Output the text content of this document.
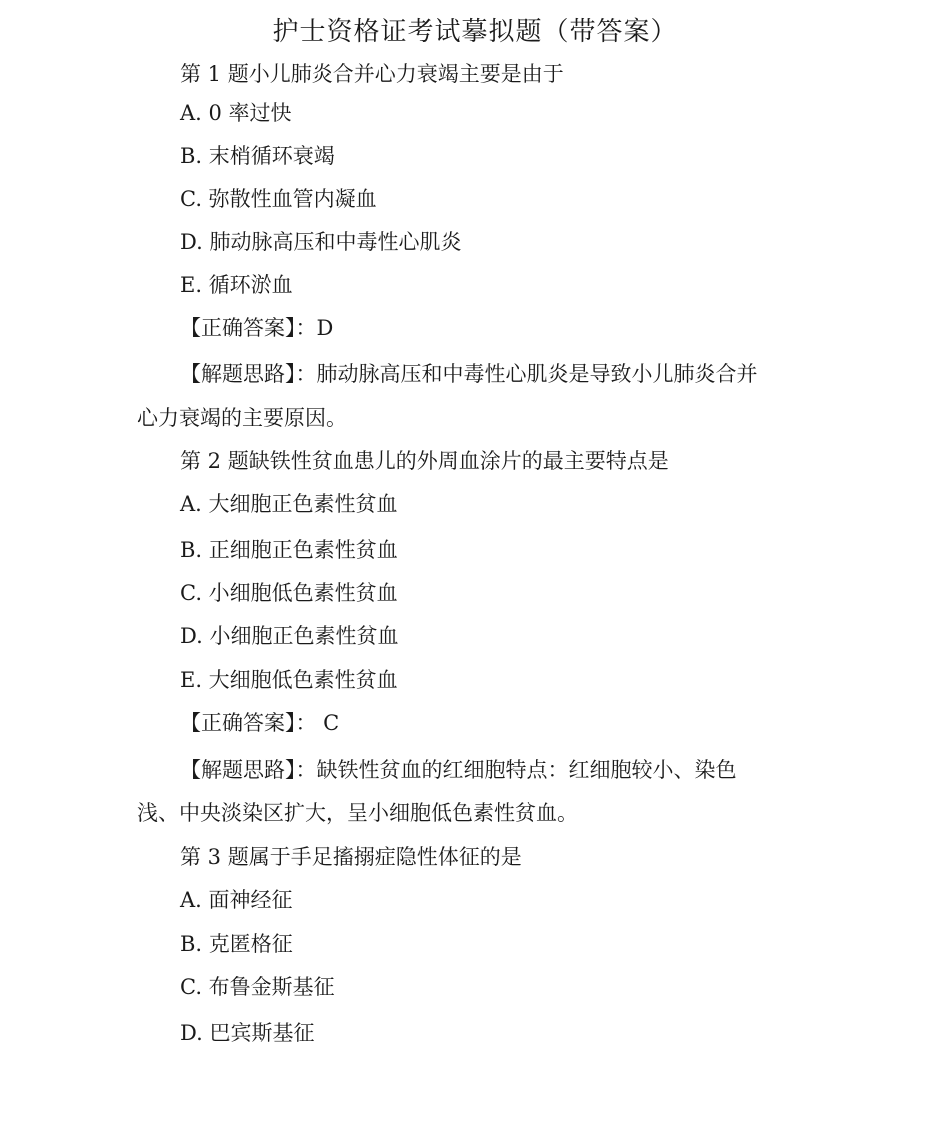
护士资格证考试摹拟题（带答案）
第 1 题小儿肺炎合并心力衰竭主要是由于
A. 0 率过快
B. 末梢循环衰竭
C. 弥散性血管内凝血
D. 肺动脉高压和中毒性心肌炎
E. 循环淤血
【正确答案】：D
【解题思路】：肺动脉高压和中毒性心肌炎是导致小儿肺炎合并
心力衰竭的主要原因。
第 2 题缺铁性贫血患儿的外周血涂片的最主要特点是
A. 大细胞正色素性贫血
B. 正细胞正色素性贫血
C. 小细胞低色素性贫血
D. 小细胞正色素性贫血
E. 大细胞低色素性贫血
【正确答案】： C
【解题思路】：缺铁性贫血的红细胞特点：红细胞较小、染色
浅、中央淡染区扩大，呈小细胞低色素性贫血。
第 3 题属于手足搐搦症隐性体征的是
A. 面神经征
B. 克匿格征
C. 布鲁金斯基征
D. 巴宾斯基征
